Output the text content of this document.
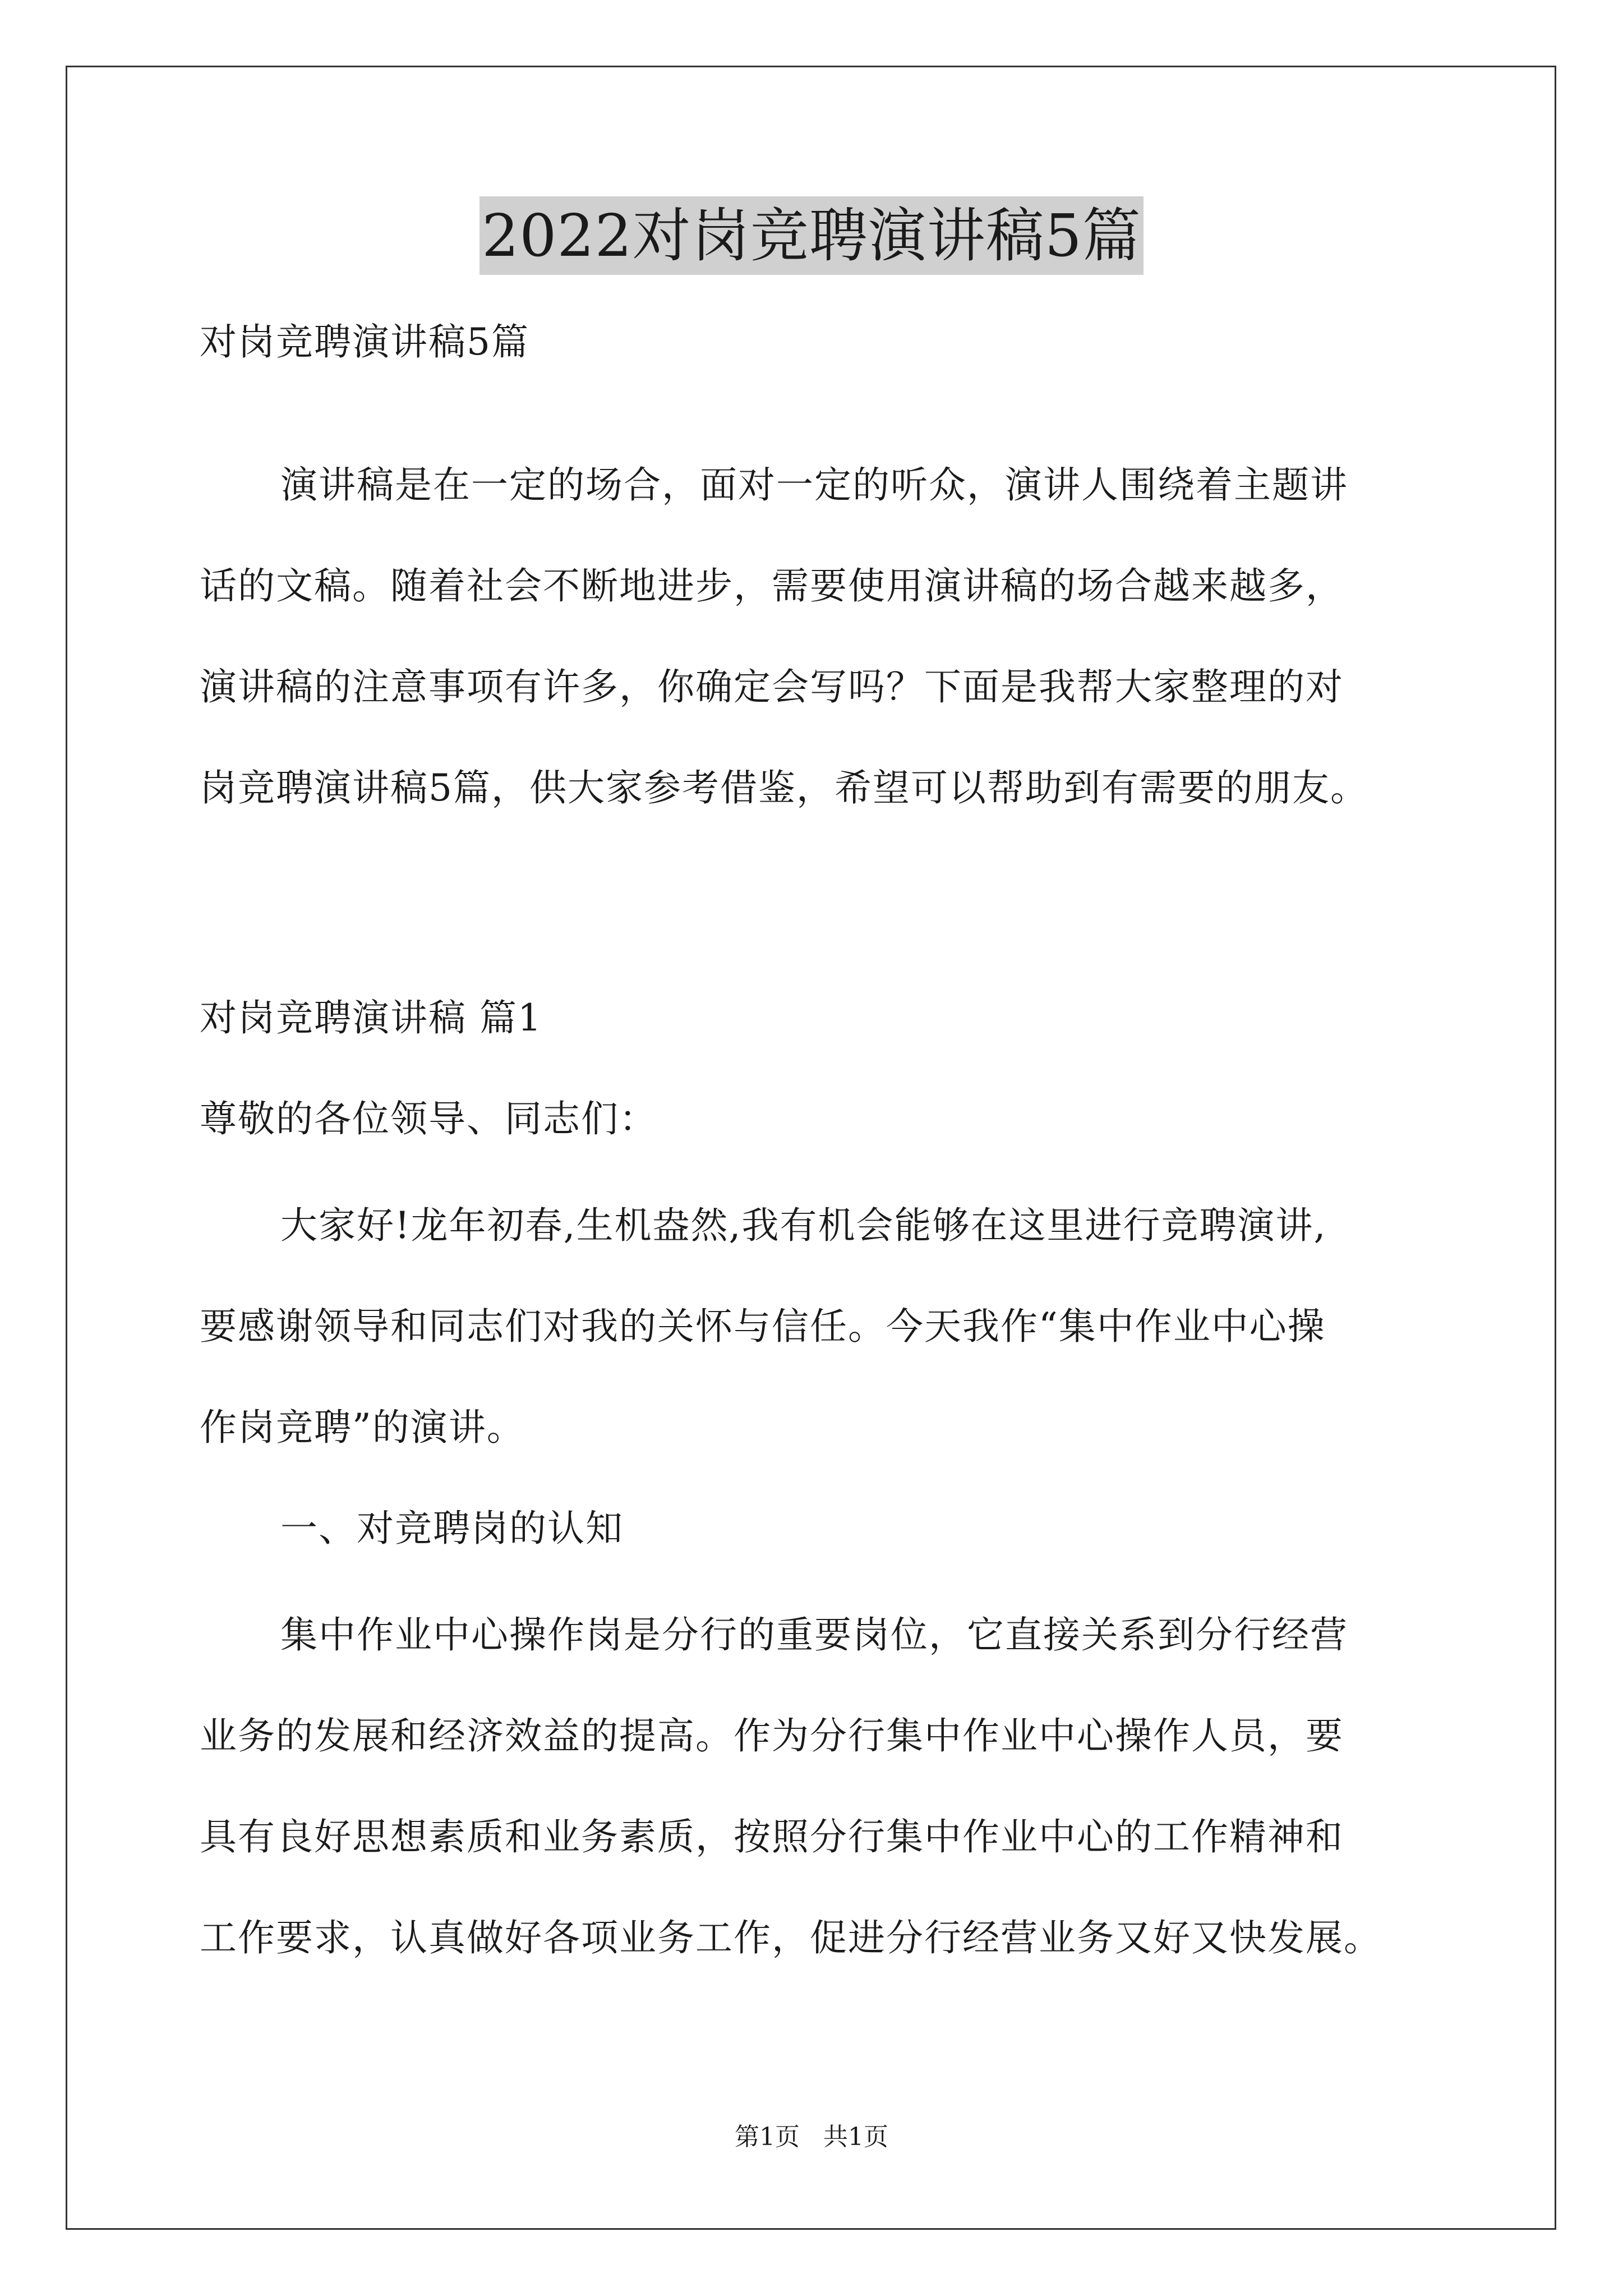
2022对岗竞聘演讲稿5篇
对岗竞聘演讲稿5篇
演讲稿是在一定的场合，面对一定的听众，演讲人围绕着主题讲
话的文稿。随着社会不断地进步，需要使用演讲稿的场合越来越多，
演讲稿的注意事项有许多，你确定会写吗？下面是我帮大家整理的对
岗竞聘演讲稿5篇，供大家参考借鉴，希望可以帮助到有需要的朋友。
对岗竞聘演讲稿 篇1
尊敬的各位领导、同志们：
大家好!龙年初春,生机盎然,我有机会能够在这里进行竞聘演讲,
要感谢领导和同志们对我的关怀与信任。今天我作“集中作业中心操
作岗竞聘”的演讲。
一、对竞聘岗的认知
集中作业中心操作岗是分行的重要岗位，它直接关系到分行经营
业务的发展和经济效益的提高。作为分行集中作业中心操作人员，要
具有良好思想素质和业务素质，按照分行集中作业中心的工作精神和
工作要求，认真做好各项业务工作，促进分行经营业务又好又快发展。
第1页   共1页
